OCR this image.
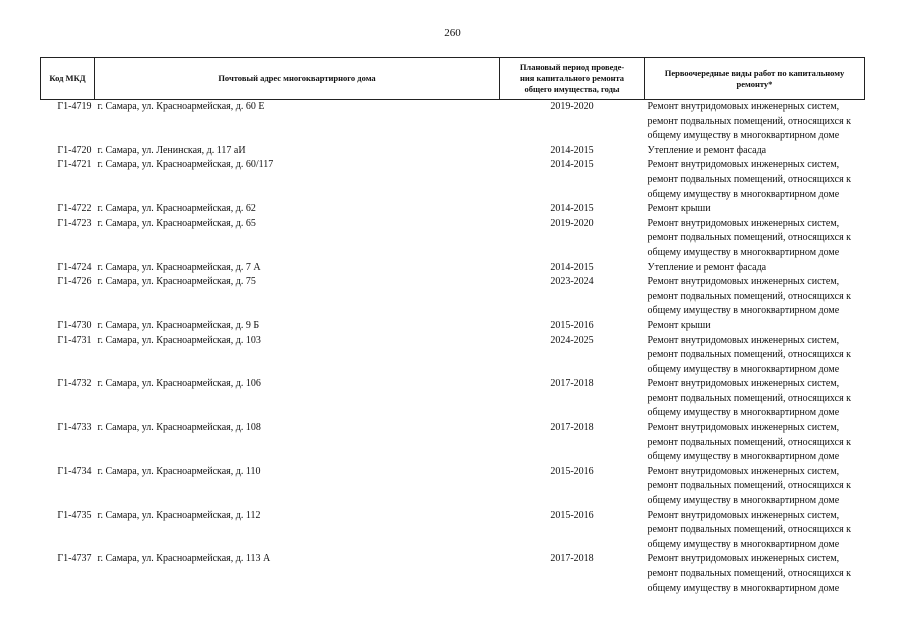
260
Код МКД	Почтовый адрес многоквартирного дома	Плановый период проведе-
ния капитального ремонта
общего имущества, годы	Первоочередные виды работ по капитальному
ремонту*
Г1-4719	г. Самара, ул. Красноармейская, д. 60 Е	2019-2020	Ремонт внутридомовых инженерных систем,
ремонт подвальных помещений, относящихся к
общему имуществу в многоквартирном доме
Г1-4720	г. Самара, ул. Ленинская, д. 117 аИ	2014-2015	Утепление и ремонт фасада
Г1-4721	г. Самара, ул. Красноармейская, д. 60/117	2014-2015	Ремонт внутридомовых инженерных систем,
ремонт подвальных помещений, относящихся к
общему имуществу в многоквартирном доме
Г1-4722	г. Самара, ул. Красноармейская, д. 62	2014-2015	Ремонт крыши
Г1-4723	г. Самара, ул. Красноармейская, д. 65	2019-2020	Ремонт внутридомовых инженерных систем,
ремонт подвальных помещений, относящихся к
общему имуществу в многоквартирном доме
Г1-4724	г. Самара, ул. Красноармейская, д. 7 А	2014-2015	Утепление и ремонт фасада
Г1-4726	г. Самара, ул. Красноармейская, д. 75	2023-2024	Ремонт внутридомовых инженерных систем,
ремонт подвальных помещений, относящихся к
общему имуществу в многоквартирном доме
Г1-4730	г. Самара, ул. Красноармейская, д. 9 Б	2015-2016	Ремонт крыши
Г1-4731	г. Самара, ул. Красноармейская, д. 103	2024-2025	Ремонт внутридомовых инженерных систем,
ремонт подвальных помещений, относящихся к
общему имуществу в многоквартирном доме
Г1-4732	г. Самара, ул. Красноармейская, д. 106	2017-2018	Ремонт внутридомовых инженерных систем,
ремонт подвальных помещений, относящихся к
общему имуществу в многоквартирном доме
Г1-4733	г. Самара, ул. Красноармейская, д. 108	2017-2018	Ремонт внутридомовых инженерных систем,
ремонт подвальных помещений, относящихся к
общему имуществу в многоквартирном доме
Г1-4734	г. Самара, ул. Красноармейская, д. 110	2015-2016	Ремонт внутридомовых инженерных систем,
ремонт подвальных помещений, относящихся к
общему имуществу в многоквартирном доме
Г1-4735	г. Самара, ул. Красноармейская, д. 112	2015-2016	Ремонт внутридомовых инженерных систем,
ремонт подвальных помещений, относящихся к
общему имуществу в многоквартирном доме
Г1-4737	г. Самара, ул. Красноармейская, д. 113 А	2017-2018	Ремонт внутридомовых инженерных систем,
ремонт подвальных помещений, относящихся к
общему имуществу в многоквартирном доме
